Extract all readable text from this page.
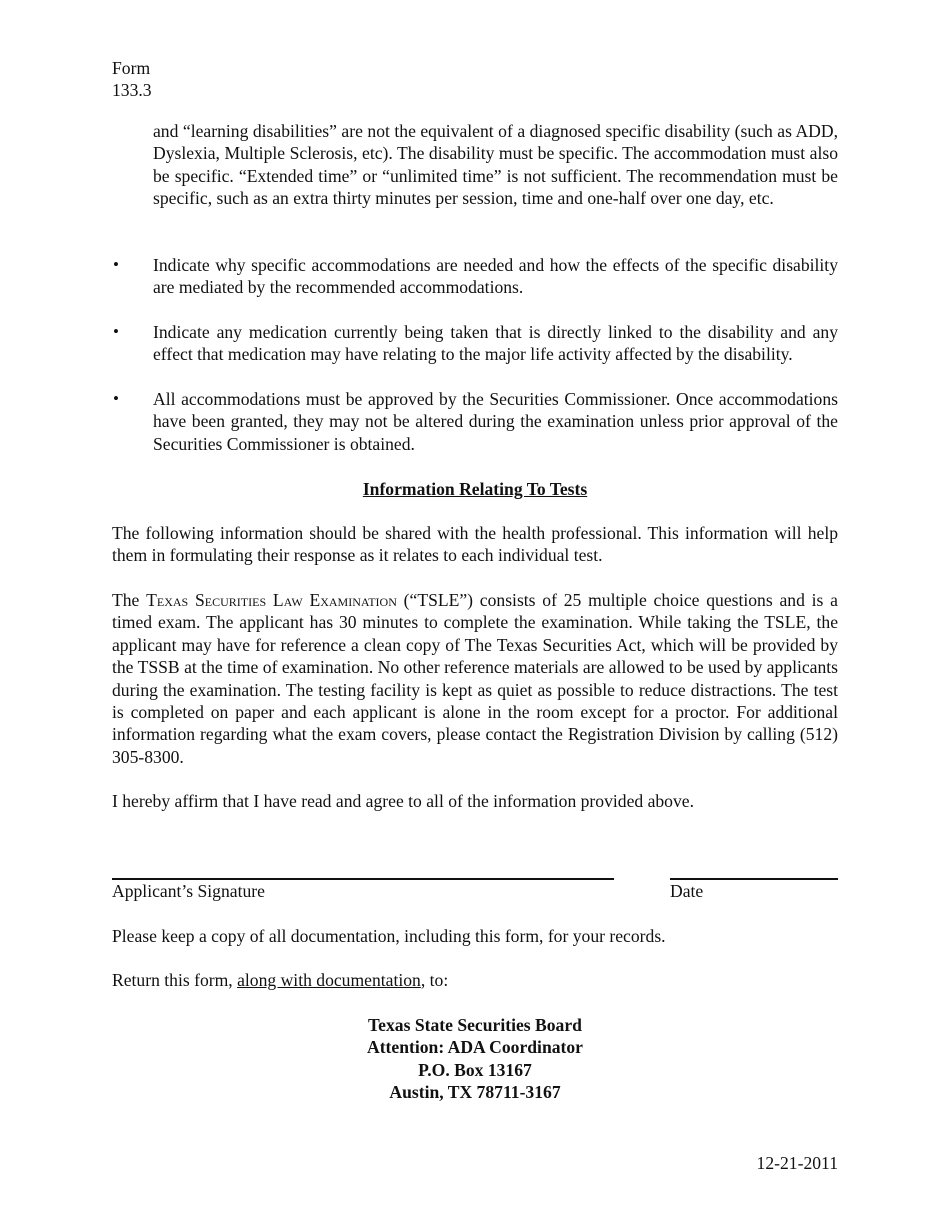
Form
133.3
and “learning disabilities” are not the equivalent of a diagnosed specific disability (such as ADD, Dyslexia, Multiple Sclerosis, etc). The disability must be specific. The accommodation must also be specific. “Extended time” or “unlimited time” is not sufficient. The recommendation must be specific, such as an extra thirty minutes per session, time and one-half over one day, etc.
• Indicate why specific accommodations are needed and how the effects of the specific disability are mediated by the recommended accommodations.
• Indicate any medication currently being taken that is directly linked to the disability and any effect that medication may have relating to the major life activity affected by the disability.
• All accommodations must be approved by the Securities Commissioner. Once accommodations have been granted, they may not be altered during the examination unless prior approval of the Securities Commissioner is obtained.
Information Relating To Tests
The following information should be shared with the health professional. This information will help them in formulating their response as it relates to each individual test.
The Texas Securities Law Examination (“TSLE”) consists of 25 multiple choice questions and is a timed exam. The applicant has 30 minutes to complete the examination. While taking the TSLE, the applicant may have for reference a clean copy of The Texas Securities Act, which will be provided by the TSSB at the time of examination. No other reference materials are allowed to be used by applicants during the examination. The testing facility is kept as quiet as possible to reduce distractions. The test is completed on paper and each applicant is alone in the room except for a proctor. For additional information regarding what the exam covers, please contact the Registration Division by calling (512) 305-8300.
I hereby affirm that I have read and agree to all of the information provided above.
Applicant’s Signature	Date
Please keep a copy of all documentation, including this form, for your records.
Return this form, along with documentation, to:
Texas State Securities Board
Attention: ADA Coordinator
P.O. Box 13167
Austin, TX 78711-3167
12-21-2011
